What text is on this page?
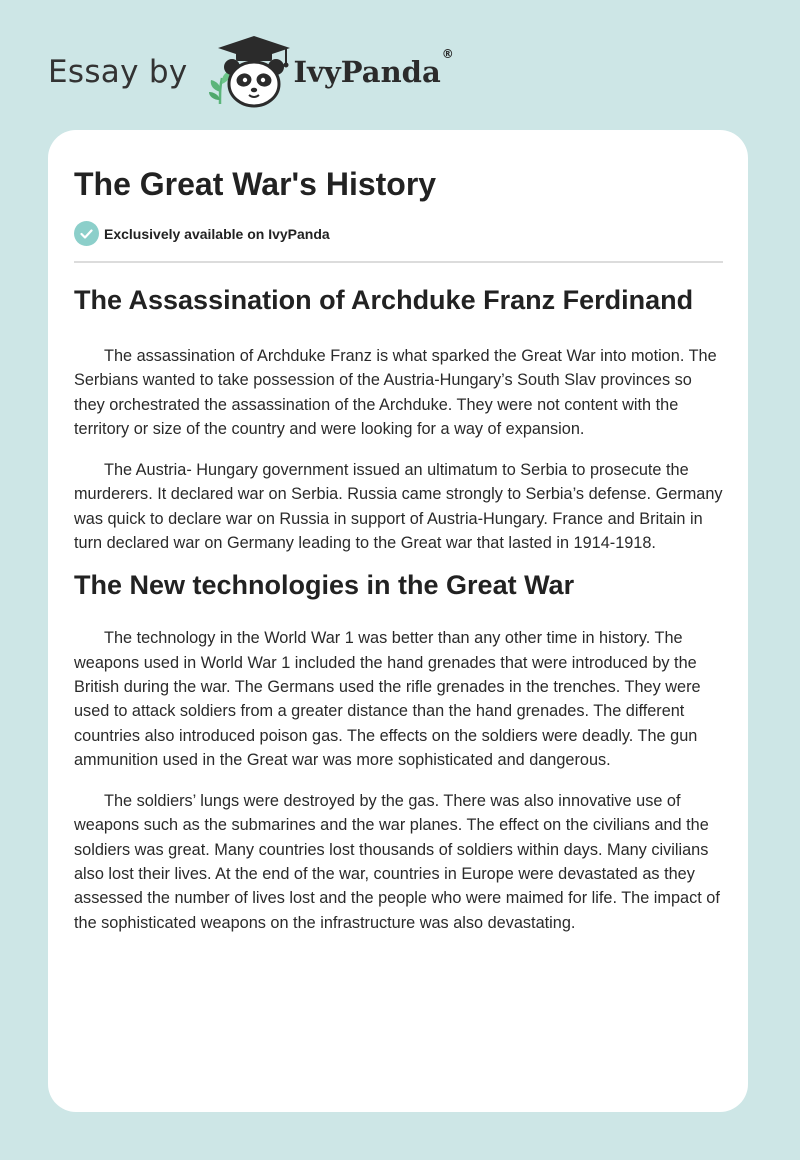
Essay by	IvyPanda®
The Great War's History
Exclusively available on IvyPanda
The Assassination of Archduke Franz Ferdinand

The assassination of Archduke Franz is what sparked the Great War into motion. The Serbians wanted to take possession of the Austria-Hungary’s South Slav provinces so they orchestrated the assassination of the Archduke. They were not content with the territory or size of the country and were looking for a way of expansion.

The Austria- Hungary government issued an ultimatum to Serbia to prosecute the murderers. It declared war on Serbia. Russia came strongly to Serbia’s defense. Germany was quick to declare war on Russia in support of Austria-Hungary. France and Britain in turn declared war on Germany leading to the Great war that lasted in 1914-1918.

The New technologies in the Great War

The technology in the World War 1 was better than any other time in history. The weapons used in World War 1 included the hand grenades that were introduced by the British during the war. The Germans used the rifle grenades in the trenches. They were used to attack soldiers from a greater distance than the hand grenades. The different countries also introduced poison gas. The effects on the soldiers were deadly. The gun ammunition used in the Great war was more sophisticated and dangerous.

The soldiers’ lungs were destroyed by the gas. There was also innovative use of weapons such as the submarines and the war planes. The effect on the civilians and the soldiers was great. Many countries lost thousands of soldiers within days. Many civilians also lost their lives. At the end of the war, countries in Europe were devastated as they assessed the number of lives lost and the people who were maimed for life. The impact of the sophisticated weapons on the infrastructure was also devastating.
